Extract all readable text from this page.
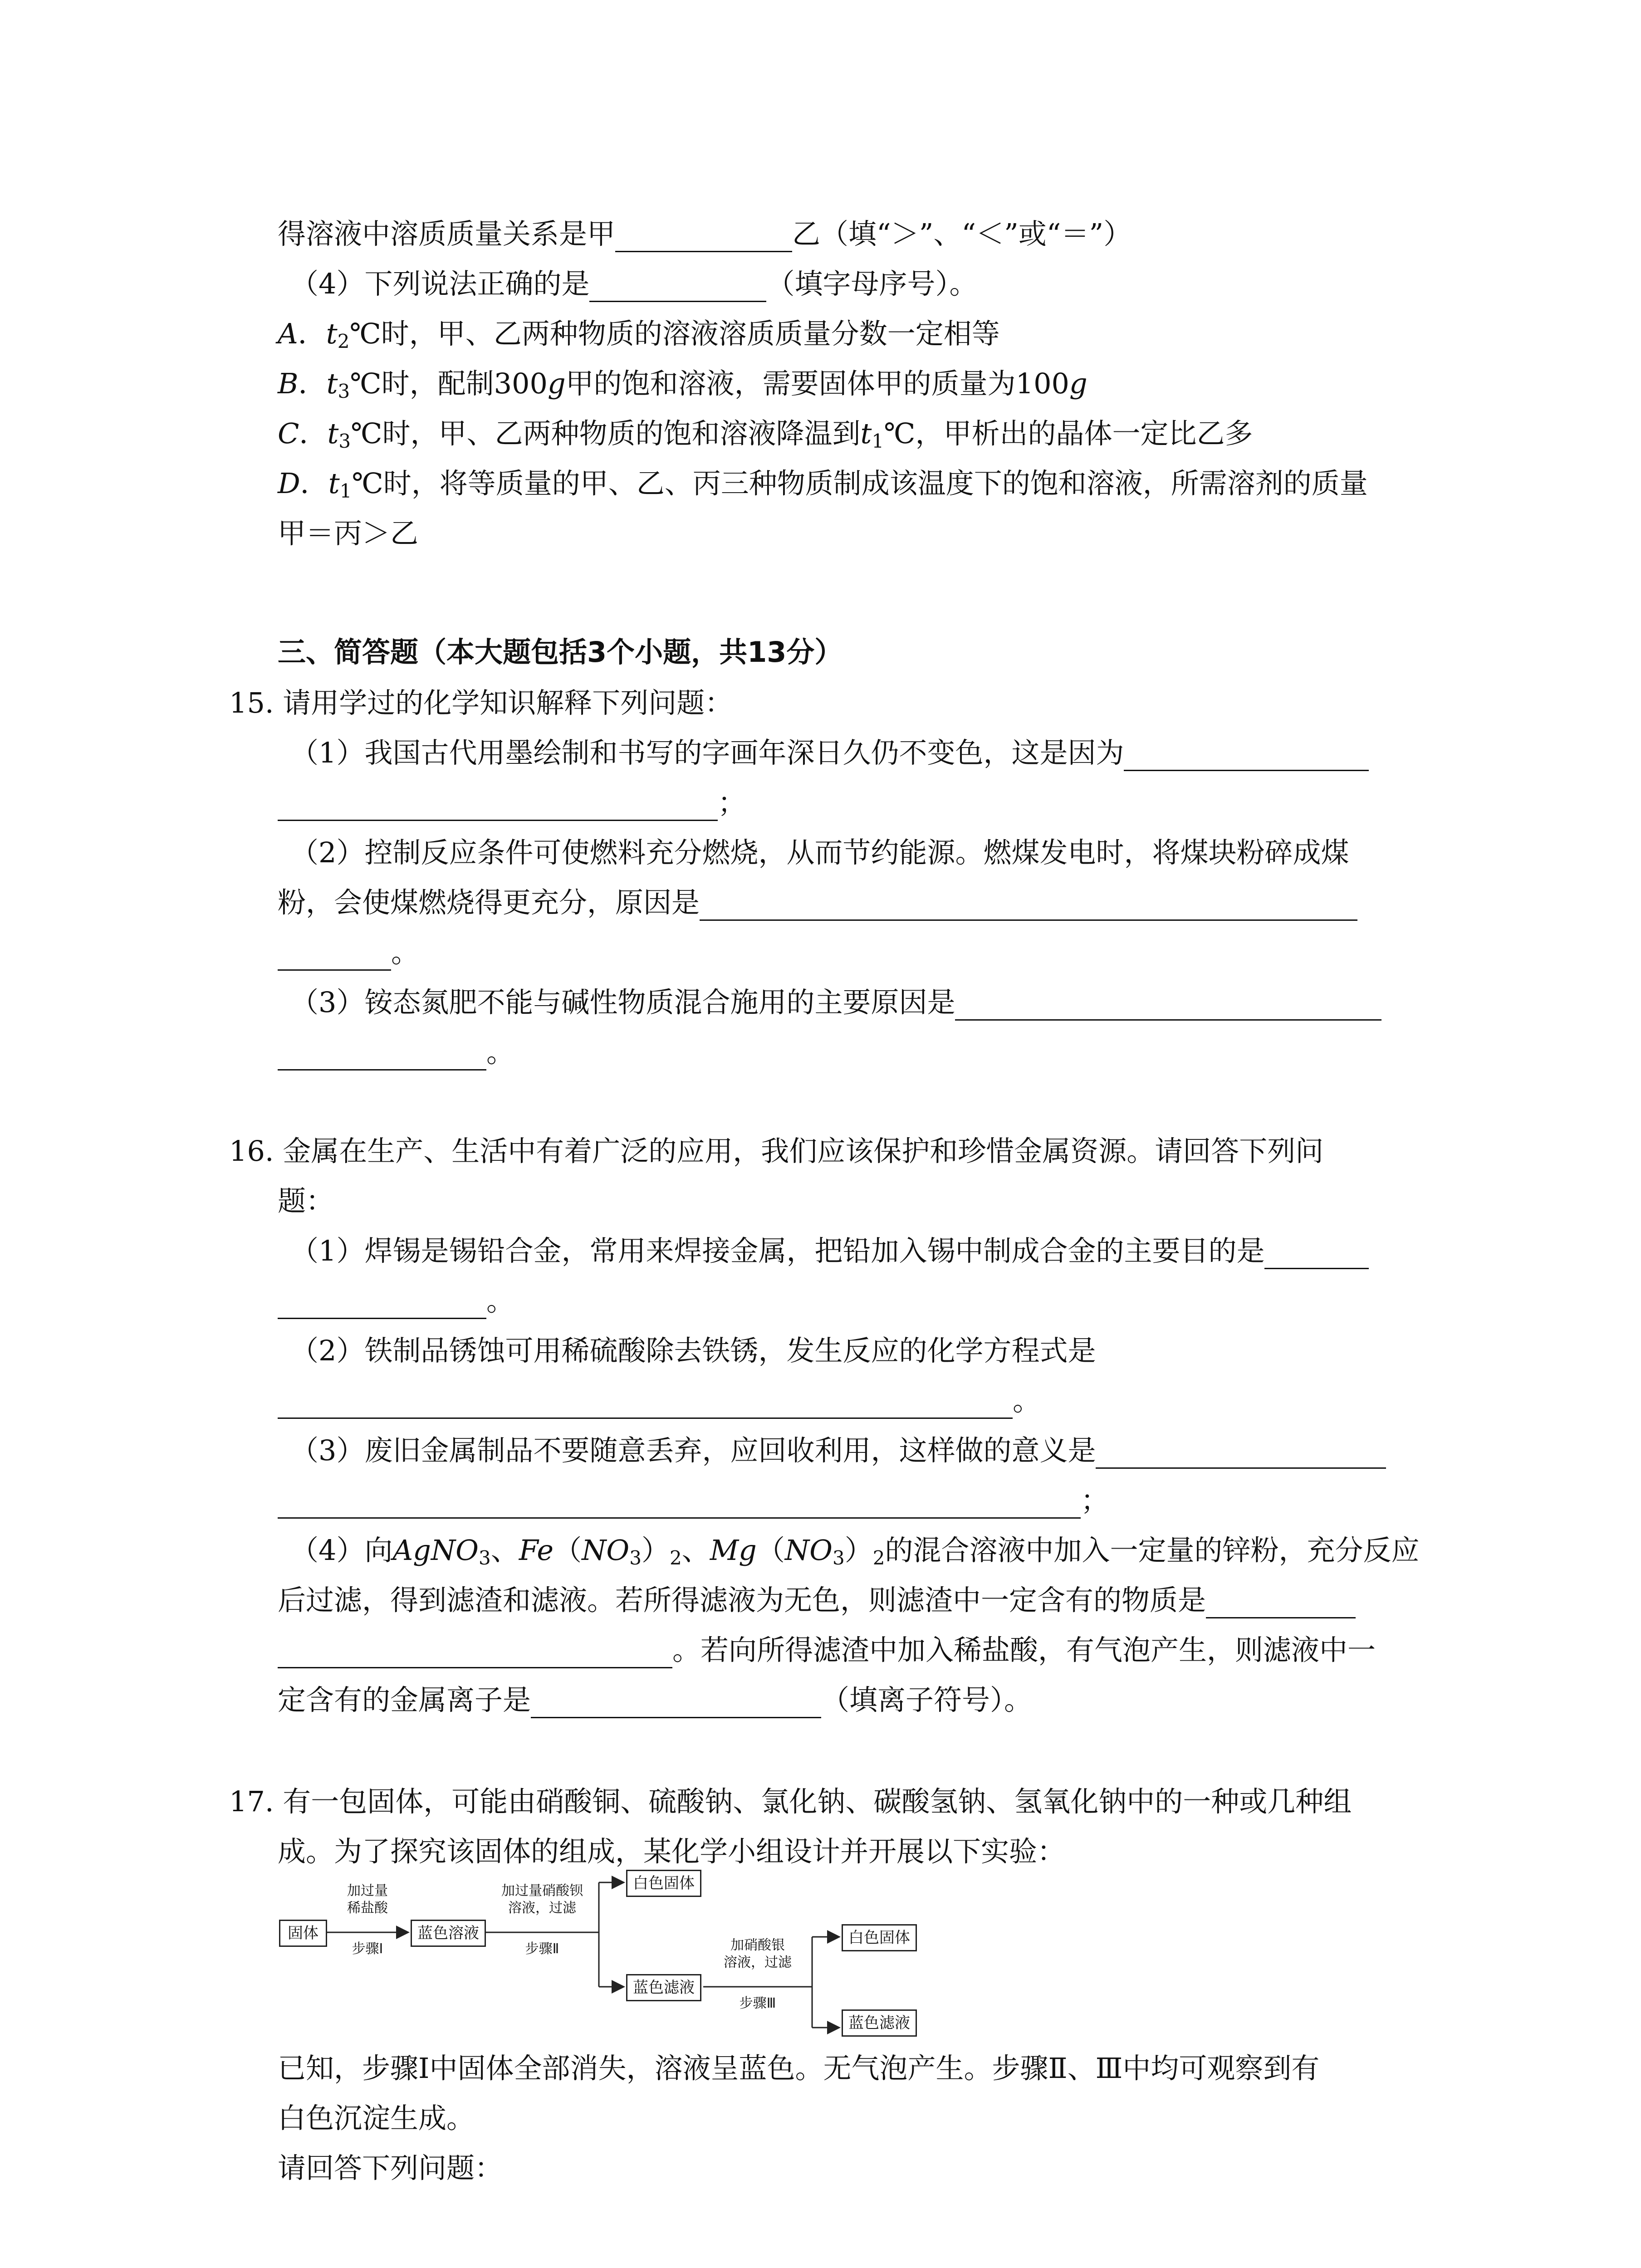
得溶液中溶质质量关系是甲	乙（填“＞”、“＜”或“＝”）
（4）下列说法正确的是	（填字母序号）。
A．$t_2℃$时，甲、乙两种物质的溶液溶质质量分数一定相等
B．$t_3℃$时，配制300g甲的饱和溶液，需要固体甲的质量为100g
C．$t_3℃$时，甲、乙两种物质的饱和溶液降温到$t_1℃$，甲析出的晶体一定比乙多
D．$t_1℃$时，将等质量的甲、乙、丙三种物质制成该温度下的饱和溶液，所需溶剂的质量
甲＝丙＞乙
三、简答题（本大题包括3个小题，共13分）
15. 请用学过的化学知识解释下列问题：
（1）我国古代用墨绘制和书写的字画年深日久仍不变色，这是因为
；
（2）控制反应条件可使燃料充分燃烧，从而节约能源。燃煤发电时，将煤块粉碎成煤
粉，会使煤燃烧得更充分，原因是
。
（3）铵态氮肥不能与碱性物质混合施用的主要原因是
。
16. 金属在生产、生活中有着广泛的应用，我们应该保护和珍惜金属资源。请回答下列问
题：
（1）焊锡是锡铅合金，常用来焊接金属，把铅加入锡中制成合金的主要目的是
。
（2）铁制品锈蚀可用稀硫酸除去铁锈，发生反应的化学方程式是
。
（3）废旧金属制品不要随意丢弃，应回收利用，这样做的意义是
；
（4）向AgNO$_3$、$Fe(NO_3)_2$、$Mg(NO_3)_2$的混合溶液中加入一定量的锌粉，充分反应
后过滤，得到滤渣和滤液。若所得滤液为无色，则滤渣中一定含有的物质是
。若向所得滤渣中加入稀盐酸，有气泡产生，则滤液中一
定含有的金属离子是	（填离子符号）。
17. 有一包固体，可能由硝酸铜、硫酸钠、氯化钠、碳酸氢钠、氢氧化钠中的一种或几种组
成。为了探究该固体的组成，某化学小组设计并开展以下实验：
固体
加过量
稀盐酸
步骤Ⅰ
蓝色溶液
加过量硝酸钡
溶液，过滤
步骤Ⅱ
白色固体
蓝色滤液
加硝酸银
溶液，过滤
步骤Ⅲ
白色固体
蓝色滤液
已知，步骤Ⅰ中固体全部消失，溶液呈蓝色。无气泡产生。步骤Ⅱ、Ⅲ中均可观察到有
白色沉淀生成。
请回答下列问题：
